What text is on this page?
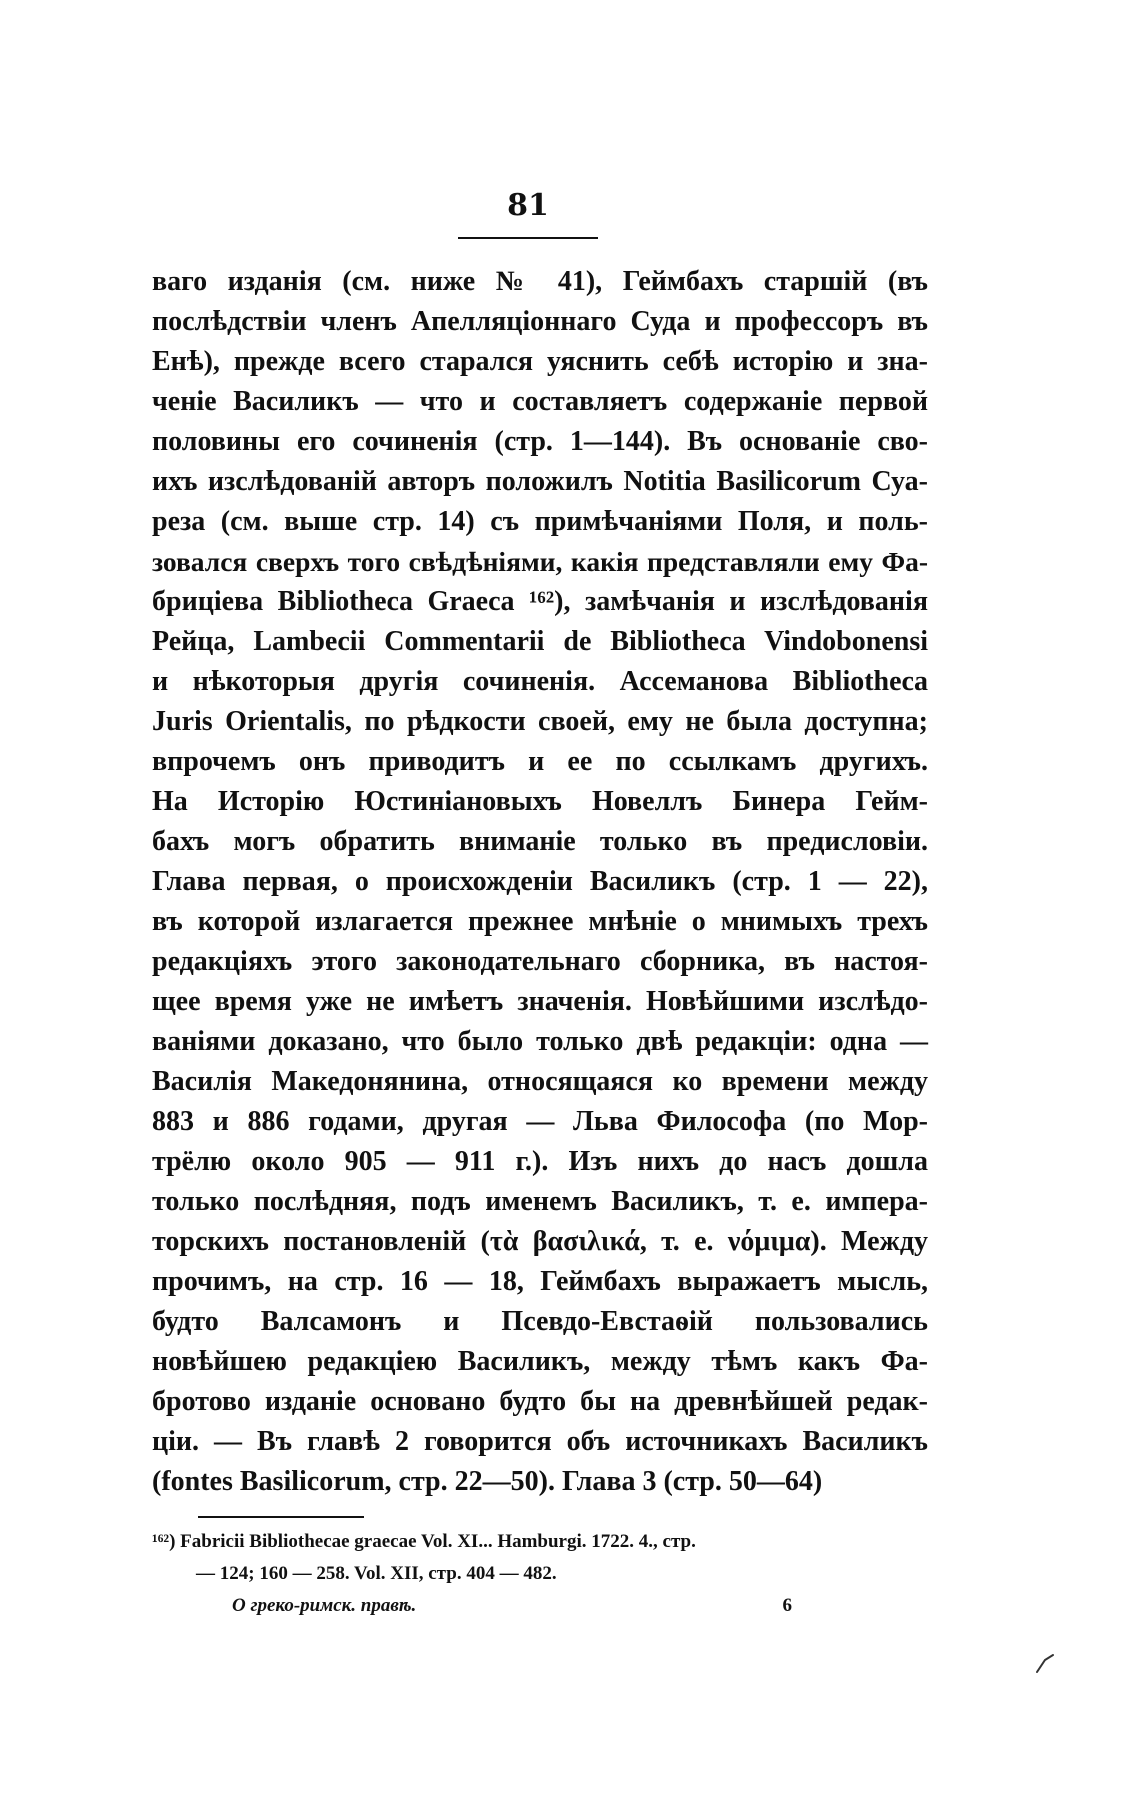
81
ваго изданія (см. ниже № 41), Геймбахъ старшій (въ
послѣдствіи членъ Апелляціоннаго Суда и профессоръ въ
Енѣ), прежде всего старался уяснить себѣ исторію и зна-
ченіе Василикъ — что и составляетъ содержаніе первой
половины его сочиненія (стр. 1—144). Въ основаніе сво-
ихъ изслѣдованій авторъ положилъ Notitia Basilicorum Суа-
реза (см. выше стр. 14) съ примѣчаніями Поля, и поль-
зовался сверхъ того свѣдѣніями, какія представляли ему Фа-
бриціева Bibliotheca Graeca ¹⁶²), замѣчанія и изслѣдованія
Рейца, Lambecii Commentarii de Bibliotheca Vindobonensi
и нѣкоторыя другія сочиненія. Ассеманова Bibliotheca
Juris Orientalis, по рѣдкости своей, ему не была доступна;
впрочемъ онъ приводитъ и ее по ссылкамъ другихъ.
На Исторію Юстиніановыхъ Новеллъ Бинера Гейм-
бахъ могъ обратить вниманіе только въ предисловіи.
Глава первая, о происхожденіи Василикъ (стр. 1 — 22),
въ которой излагается прежнее мнѣніе о мнимыхъ трехъ
редакціяхъ этого законодательнаго сборника, въ настоя-
щее время уже не имѣетъ значенія. Новѣйшими изслѣдо-
ваніями доказано, что было только двѣ редакціи: одна —
Василія Македонянина, относящаяся ко времени между
883 и 886 годами, другая — Льва Философа (по Мор-
трёлю около 905 — 911 г.). Изъ нихъ до насъ дошла
только послѣдняя, подъ именемъ Василикъ, т. е. импера-
торскихъ постановленій (τὰ βασιλικά, т. е. νόμιμα). Между
прочимъ, на стр. 16 — 18, Геймбахъ выражаетъ мысль,
будто Валсамонъ и Псевдо-Евстаѳій пользовались
новѣйшею редакціею Василикъ, между тѣмъ какъ Фа-
бротово изданіе основано будто бы на древнѣйшей редак-
ціи. — Въ главѣ 2 говорится объ источникахъ Василикъ
(fontes Basilicorum, стр. 22—50). Глава 3 (стр. 50—64)
¹⁶²) Fabricii Bibliothecae graecae Vol. XI... Hamburgi. 1722. 4., стр.
— 124; 160 — 258. Vol. XII, стр. 404 — 482.
О греко-римск. правѣ.	6
